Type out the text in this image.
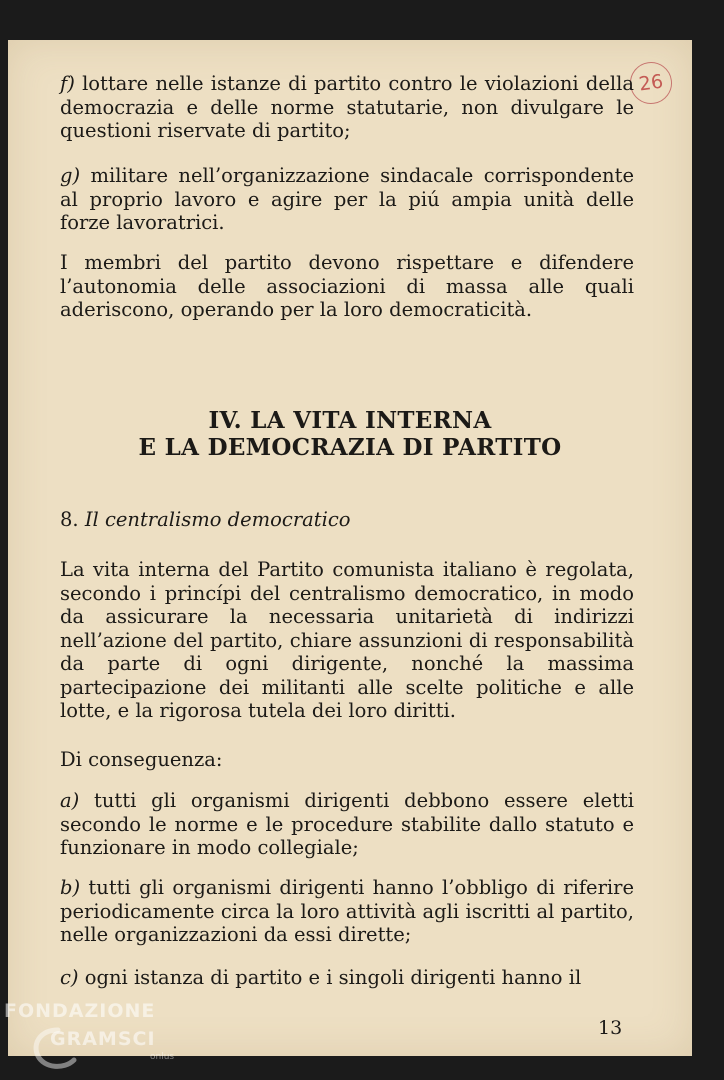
26

f) lottare nelle istanze di partito contro le violazioni della democrazia e delle norme statutarie, non divulgare le questioni riservate di partito;

g) militare nell’organizzazione sindacale corrispondente al proprio lavoro e agire per la piú ampia unità delle forze lavoratrici.

I membri del partito devono rispettare e difendere l’autonomia delle associazioni di massa alle quali aderiscono, operando per la loro democraticità.

IV. LA VITA INTERNA
E LA DEMOCRAZIA DI PARTITO

8. Il centralismo democratico

La vita interna del Partito comunista italiano è regolata, secondo i princípi del centralismo democratico, in modo da assicurare la necessaria unitarietà di indirizzi nell’azione del partito, chiare assunzioni di responsabilità da parte di ogni dirigente, nonché la massima partecipazione dei militanti alle scelte politiche e alle lotte, e la rigorosa tutela dei loro diritti.

Di conseguenza:

a) tutti gli organismi dirigenti debbono essere eletti secondo le norme e le procedure stabilite dallo statuto e funzionare in modo collegiale;

b) tutti gli organismi dirigenti hanno l’obbligo di riferire periodicamente circa la loro attività agli iscritti al partito, nelle organizzazioni da essi dirette;

c) ogni istanza di partito e i singoli dirigenti hanno il

13
FONDAZIONE
GRAMSCI
onlus
